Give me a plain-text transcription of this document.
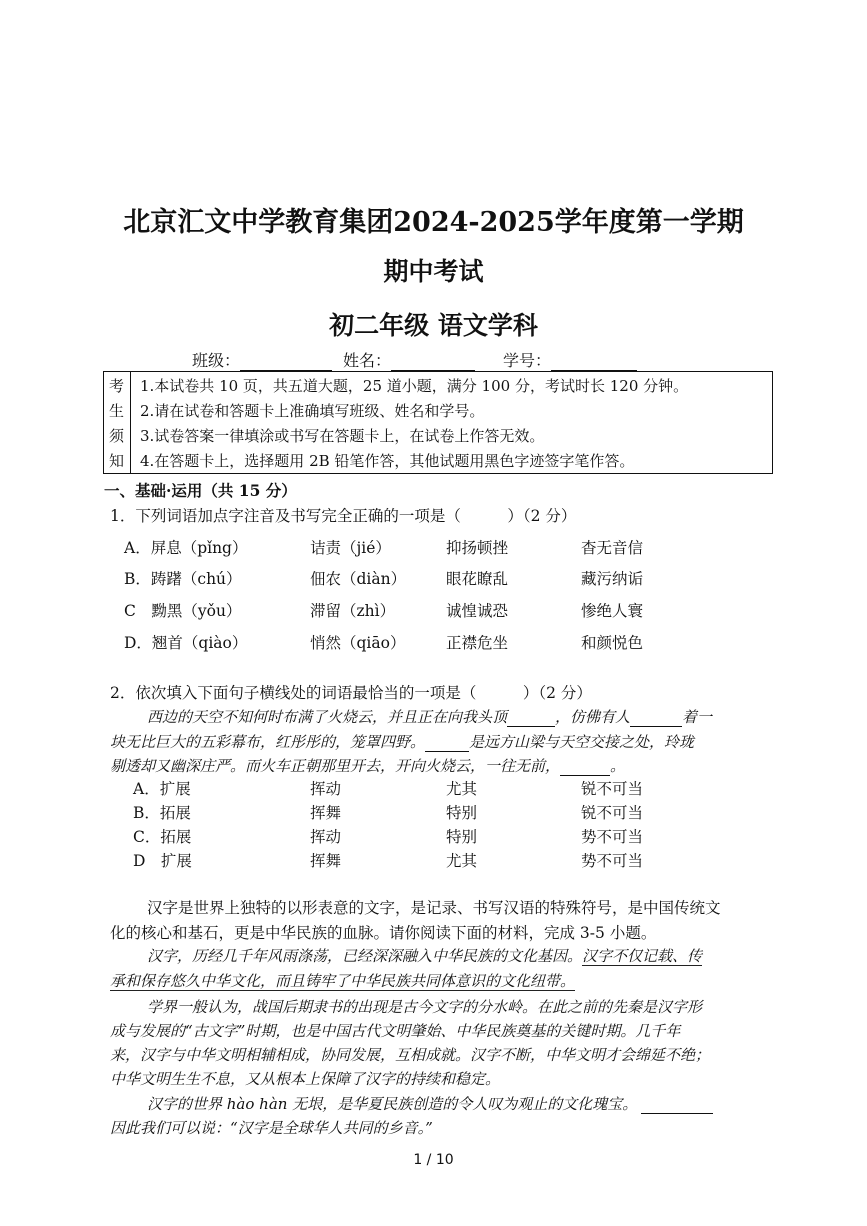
北京汇文中学教育集团2024-2025学年度第一学期
期中考试
初二年级 语文学科
班级：	姓名：	学号：
考
生
须
知
1.本试卷共 10 页，共五道大题，25 道小题，满分 100 分，考试时长 120 分钟。
2.请在试卷和答题卡上准确填写班级、姓名和学号。
3.试卷答案一律填涂或书写在答题卡上，在试卷上作答无效。
4.在答题卡上，选择题用 2B 铅笔作答，其他试题用黑色字迹签字笔作答。
一、基础·运用（共 15 分）
1．下列词语加点字注音及书写完全正确的一项是（　　　）（2 分）
A．屏息（pǐng）	诘责（jié）	抑扬顿挫	杳无音信
B．踌躇（chú）	佃农（diàn）	眼花瞭乱	藏污纳诟
C　黝黑（yǒu）	滞留（zhì）	诚惶诚恐	惨绝人寰
D．翘首（qiào）	悄然（qiāo）	正襟危坐	和颜悦色
2．依次填入下面句子横线处的词语最恰当的一项是（　　　）（2 分）
西边的天空不知何时布满了火烧云，并且正在向我头顶	，仿佛有人	着一
块无比巨大的五彩幕布，红彤彤的，笼罩四野。	是远方山梁与天空交接之处，玲珑
剔透却又幽深庄严。而火车正朝那里开去，开向火烧云，一往无前，	。
A．扩展	挥动	尤其	锐不可当
B．拓展	挥舞	特别	锐不可当
C．拓展	挥动	特别	势不可当
D　扩展	挥舞	尤其	势不可当
汉字是世界上独特的以形表意的文字，是记录、书写汉语的特殊符号，是中国传统文
化的核心和基石，更是中华民族的血脉。请你阅读下面的材料，完成 3-5 小题。
汉字，历经几千年风雨涤荡，已经深深融入中华民族的文化基因。汉字不仅记载、传
承和保存悠久中华文化，而且铸牢了中华民族共同体意识的文化纽带。
学界一般认为，战国后期隶书的出现是古今文字的分水岭。在此之前的先秦是汉字形
成与发展的“古文字”时期，也是中国古代文明肇始、中华民族奠基的关键时期。几千年
来，汉字与中华文明相辅相成，协同发展，互相成就。汉字不断，中华文明才会绵延不绝；
中华文明生生不息，又从根本上保障了汉字的持续和稳定。
汉字的世界 hào hàn 无垠，是华夏民族创造的令人叹为观止的文化瑰宝。
因此我们可以说：“汉字是全球华人共同的乡音。”
1 / 10
